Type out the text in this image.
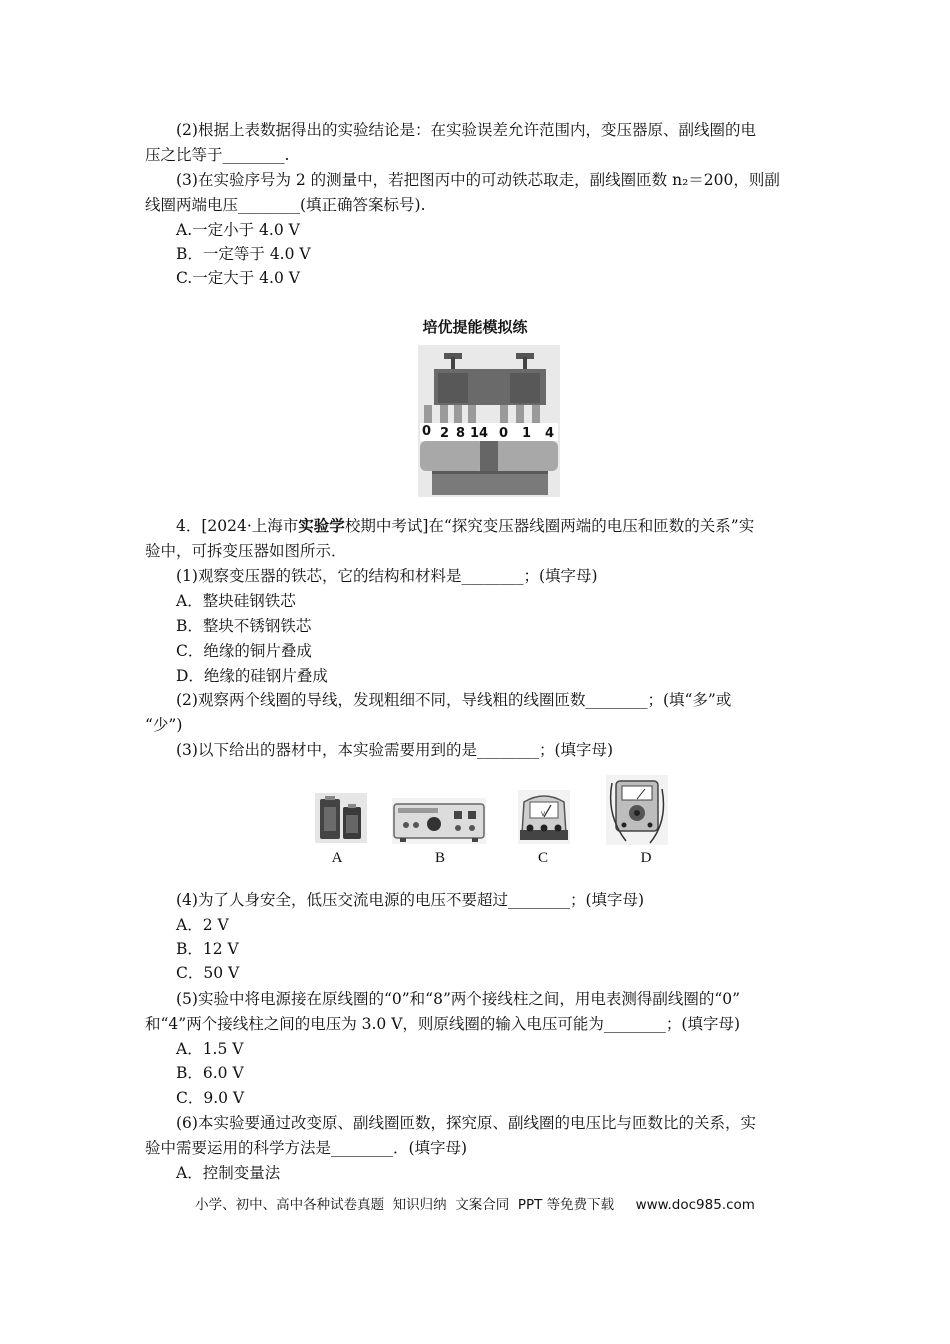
(2)根据上表数据得出的实验结论是：在实验误差允许范围内，变压器原、副线圈的电

压之比等于________.

(3)在实验序号为 2 的测量中，若把图丙中的可动铁芯取走，副线圈匝数 n₂＝200，则副

线圈两端电压________(填正确答案标号).

A.一定小于 4.0 V

B．一定等于 4.0 V

C.一定大于 4.0 V

培优提能模拟练
0 2 8 14 0 1 4

4．[2024·上海市实验学校期中考试]在“探究变压器线圈两端的电压和匝数的关系”实

验中，可拆变压器如图所示．

(1)观察变压器的铁芯，它的结构和材料是________；(填字母)

A．整块硅钢铁芯

B．整块不锈钢铁芯

C．绝缘的铜片叠成

D．绝缘的硅钢片叠成

(2)观察两个线圈的导线，发现粗细不同，导线粗的线圈匝数________；(填“多”或

“少”)

(3)以下给出的器材中，本实验需要用到的是________；(填字母)

V
A	B	C	D

(4)为了人身安全，低压交流电源的电压不要超过________；(填字母)

A．2 V

B．12 V

C．50 V

(5)实验中将电源接在原线圈的“0”和“8”两个接线柱之间，用电表测得副线圈的“0”

和“4”两个接线柱之间的电压为 3.0 V，则原线圈的输入电压可能为________；(填字母)

A．1.5 V

B．6.0 V

C．9.0 V

(6)本实验要通过改变原、副线圈匝数，探究原、副线圈的电压比与匝数比的关系，实

验中需要运用的科学方法是________．(填字母)

A．控制变量法

小学、初中、高中各种试卷真题  知识归纳  文案合同  PPT 等免费下载     www.doc985.com
